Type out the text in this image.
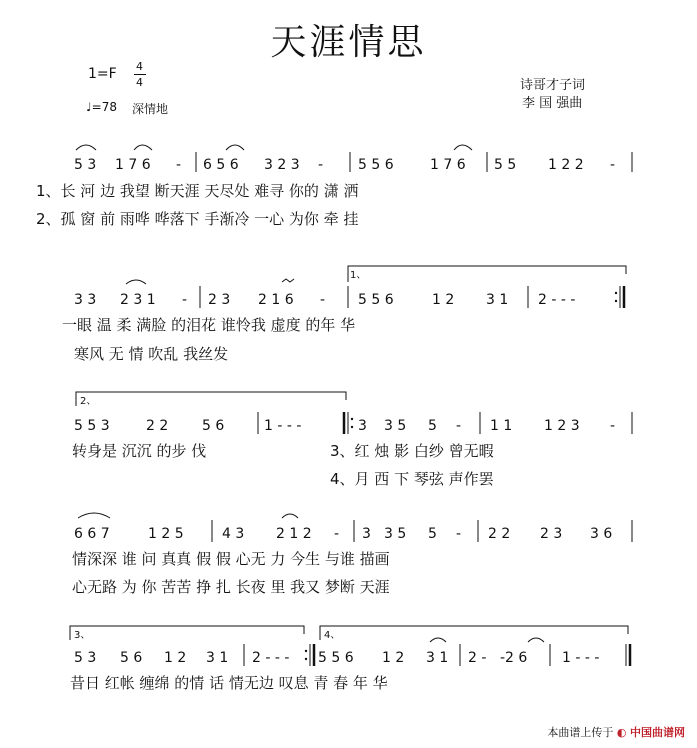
天涯情思
1=F 4
4
♩=78 深情地
诗哥才子词
李 国 强曲
5 3 1 7 6 - 6 5 6 3 2 3 - 5 5 6	1 7 6 5 5 1 2 2 -
1、长 河 边 我望 断天涯 天尽处 难寻 你的 潇 洒
2、孤 窗 前 雨哗 哗落下 手渐冷 一心 为你 牵 挂
1、
3 3 2 3 1 - 2 3 2 1 6 - 5 5 6	1 2 3 1 2 - - -
一眼 温 柔 满脸 的泪花 谁怜我 虚度 的年 华
寒风 无 情 吹乱 我丝发
2、
5 5 3	2 2 5 6	1 - - -	3 3 5 5 - 1 1 1 2 3 -
转身是 沉沉 的步 伐	3、红 烛 影 白纱 曾无暇
4、月 西 下 琴弦 声作罢
6 6 7	1 2 5	4 3 2 1 2 - 3 3 5 5 - 2 2 2 3 3 6
情深深 谁 问 真真 假 假 心无 力 今生 与谁 描画
心无路 为 你 苦苦 挣 扎 长夜 里 我又 梦断 天涯
3、	4、
5 3 5 6 1 2 3 1 2 - - - 5 5 6 1 2 3 1 2 - -2 6 1 - - -
昔日 红帐 缠绵 的情 话 情无边 叹息 青 春 年 华
本曲谱上传于 ◐ 中国曲谱网
